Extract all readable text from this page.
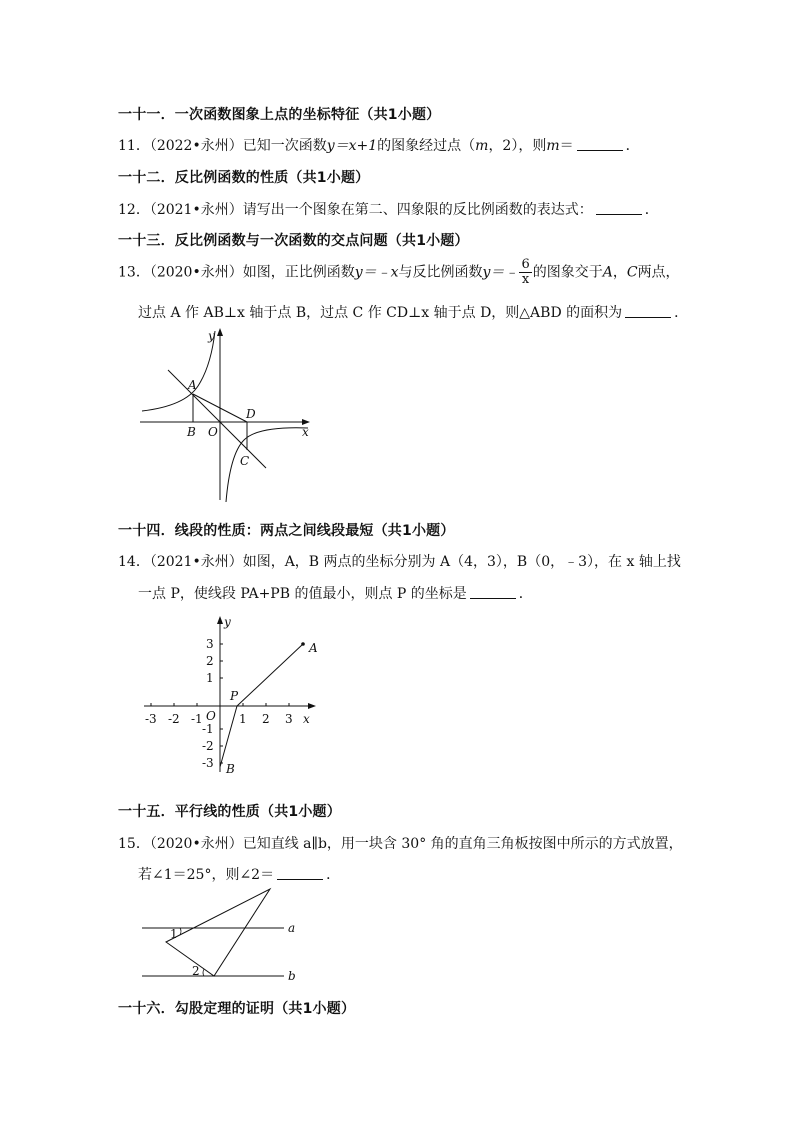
一十一．一次函数图象上点的坐标特征（共1小题）
11．（2022•永州）已知一次函数y＝x+1的图象经过点（m，2），则m＝	．
一十二．反比例函数的性质（共1小题）
12．（2021•永州）请写出一个图象在第二、四象限的反比例函数的表达式：	．
一十三．反比例函数与一次函数的交点问题（共1小题）
13．（2020•永州）如图，正比例函数y＝﹣x与反比例函数y＝﹣ $\frac{6}{x}$ 的图象交于A，C两点，
过点 A 作 AB⊥x 轴于点 B，过点 C 作 CD⊥x 轴于点 D，则△ABD 的面积为	．
y
x
A
B O
D
C
一十四．线段的性质：两点之间线段最短（共1小题）
14．（2021•永州）如图，A，B 两点的坐标分别为 A（4，3），B（0，﹣3），在 x 轴上找
一点 P，使线段 PA+PB 的值最小，则点 P 的坐标是	．
-3 -2 -1	1 2 3
3
2
1
-1
-2
-3
y
x
A
B
O
P
一十五．平行线的性质（共1小题）
15．（2020•永州）已知直线 a∥b，用一块含 30° 角的直角三角板按图中所示的方式放置，
若∠1＝25°，则∠2＝	．
1
2
a
b
一十六．勾股定理的证明（共1小题）
